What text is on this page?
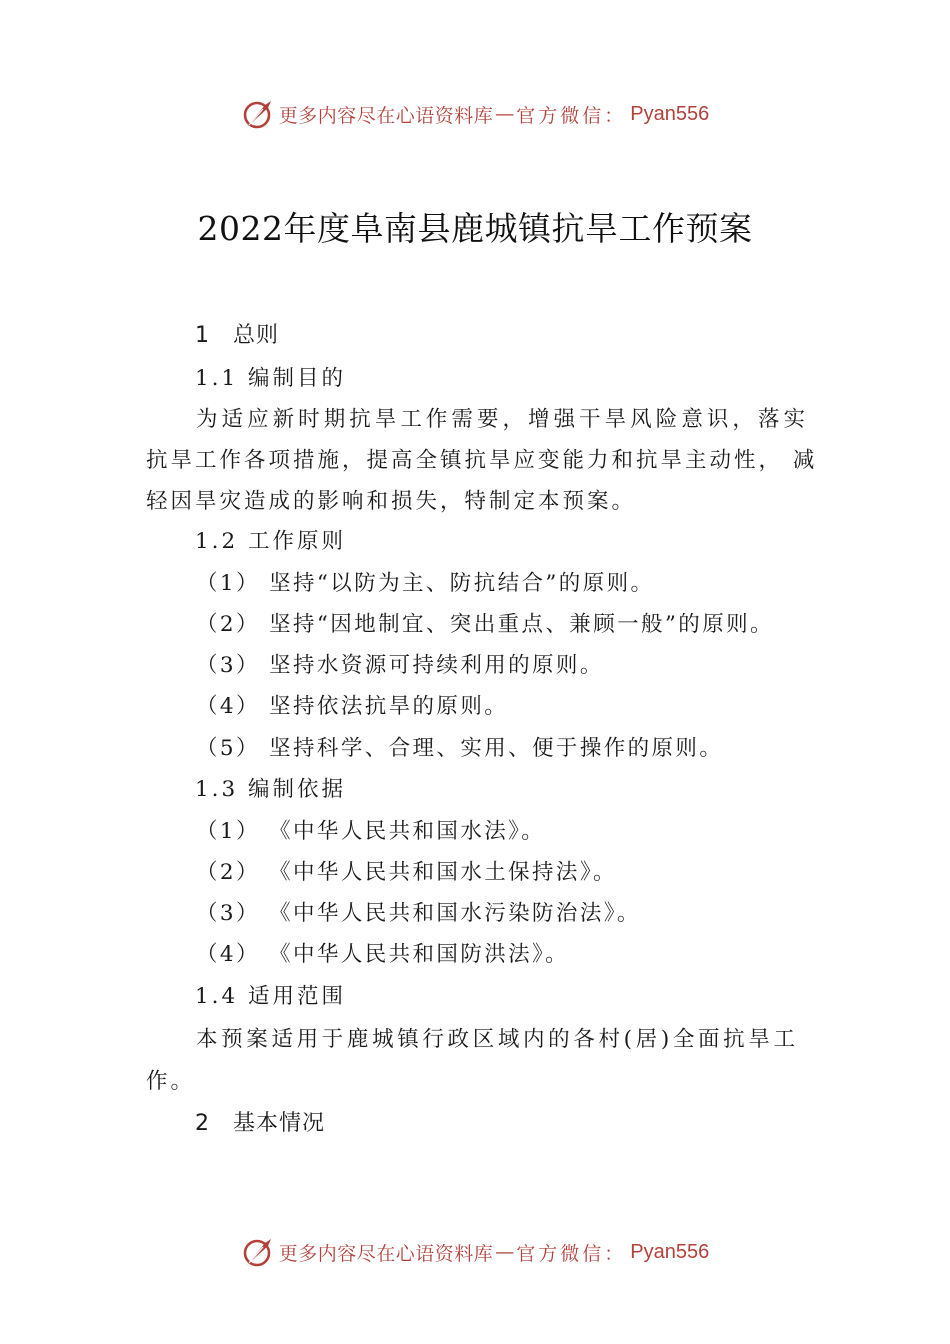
更多内容尽在心语资料库 — 官方微信： Pyan556
2022年度阜南县鹿城镇抗旱工作预案
1 总则
1.1 编制目的
为适应新时期抗旱工作需要，增强干旱风险意识，落实
抗旱工作各项措施，提高全镇抗旱应变能力和抗旱主动性， 减
轻因旱灾造成的影响和损失，特制定本预案。
1.2 工作原则
（1） 坚持“以防为主、防抗结合”的原则。
（2） 坚持“因地制宜、突出重点、兼顾一般”的原则。
（3） 坚持水资源可持续利用的原则。
（4） 坚持依法抗旱的原则。
（5） 坚持科学、合理、实用、便于操作的原则。
1.3 编制依据
（1） 《中华人民共和国水法》。
（2） 《中华人民共和国水土保持法》。
（3） 《中华人民共和国水污染防治法》。
（4） 《中华人民共和国防洪法》。
1.4 适用范围
本预案适用于鹿城镇行政区域内的各村(居)全面抗旱工
作。
2 基本情况
更多内容尽在心语资料库 — 官方微信： Pyan556
